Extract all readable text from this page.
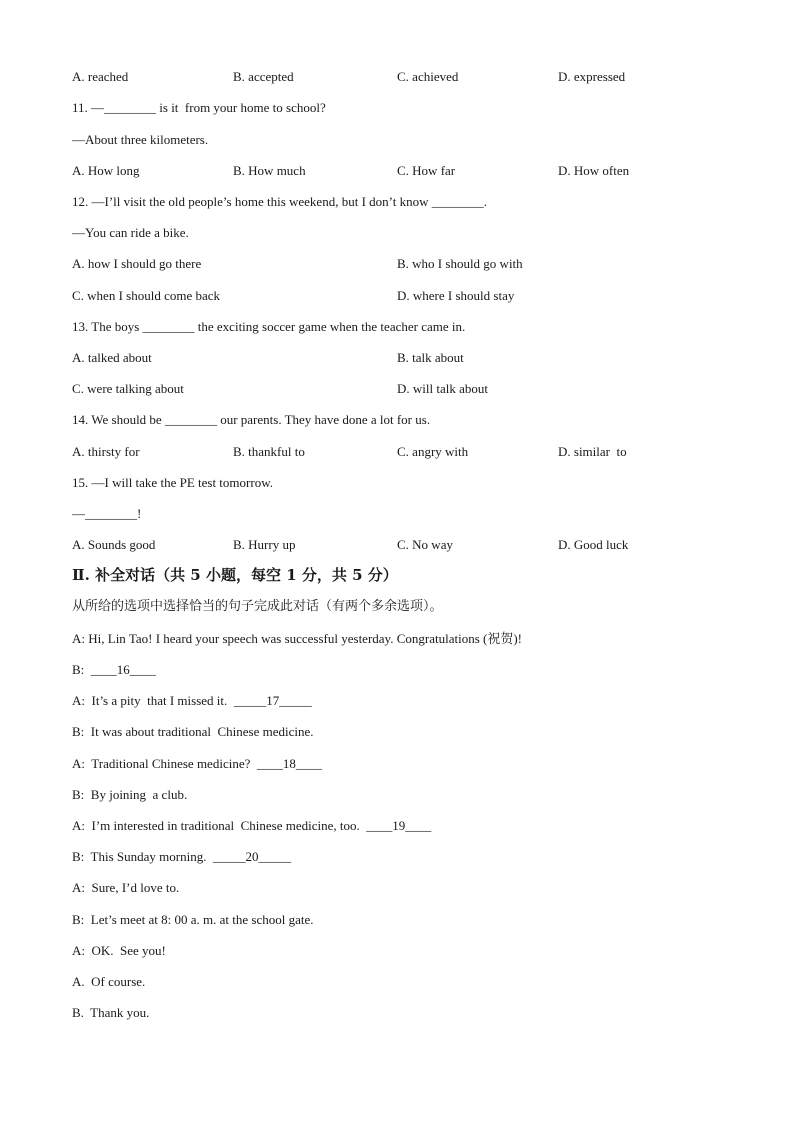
A. reached	B. accepted	C. achieved	D. expressed
11. —________ is it  from your home to school?
—About three kilometers.
A. How long	B. How much	C. How far	D. How often
12. —I’ll visit the old people’s home this weekend, but I don’t know ________.
—You can ride a bike.
A. how I should go there	B. who I should go with
C. when I should come back	D. where I should stay
13. The boys ________ the exciting soccer game when the teacher came in.
A. talked about	B. talk about
C. were talking about	D. will talk about
14. We should be ________ our parents. They have done a lot for us.
A. thirsty for	B. thankful to	C. angry with	D. similar  to
15. —I will take the PE test tomorrow.
—________!
A. Sounds good	B. Hurry up	C. No way	D. Good luck
Ⅱ. 补全对话（共 5 小题，每空 1 分，共 5 分）
从所给的选项中选择恰当的句子完成此对话（有两个多余选项）。
A: Hi, Lin Tao! I heard your speech was successful yesterday. Congratulations (祝贺)!
B:  ____16____
A:  It’s a pity  that I missed it.  _____17_____
B:  It was about traditional  Chinese medicine.
A:  Traditional Chinese medicine?  ____18____
B:  By joining  a club.
A:  I’m interested in traditional  Chinese medicine, too.  ____19____
B:  This Sunday morning.  _____20_____
A:  Sure, I’d love to.
B:  Let’s meet at 8: 00 a. m. at the school gate.
A:  OK.  See you!
A.  Of course.
B.  Thank you.
